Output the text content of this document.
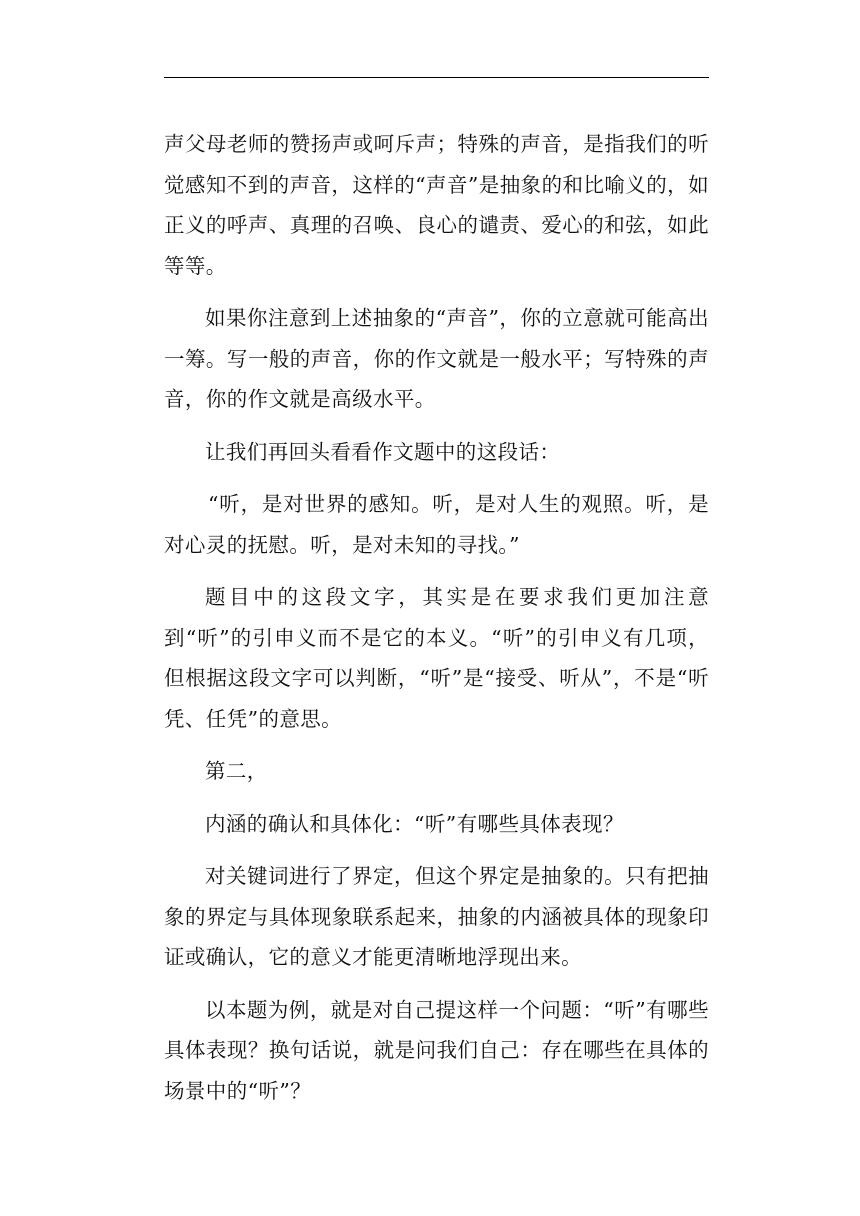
声父母老师的赞扬声或呵斥声；特殊的声音，是指我们的听觉感知不到的声音，这样的“声音”是抽象的和比喻义的，如正义的呼声、真理的召唤、良心的谴责、爱心的和弦，如此等等。

如果你注意到上述抽象的“声音”，你的立意就可能高出一筹。写一般的声音，你的作文就是一般水平；写特殊的声音，你的作文就是高级水平。

让我们再回头看看作文题中的这段话：

“听，是对世界的感知。听，是对人生的观照。听，是对心灵的抚慰。听，是对未知的寻找。”

题目中的这段文字，其实是在要求我们更加注意到“听”的引申义而不是它的本义。“听”的引申义有几项，但根据这段文字可以判断，“听”是“接受、听从”，不是“听凭、任凭”的意思。

第二，

内涵的确认和具体化：“听”有哪些具体表现？

对关键词进行了界定，但这个界定是抽象的。只有把抽象的界定与具体现象联系起来，抽象的内涵被具体的现象印证或确认，它的意义才能更清晰地浮现出来。

以本题为例，就是对自己提这样一个问题：“听”有哪些具体表现？换句话说，就是问我们自己：存在哪些在具体的场景中的“听”？
